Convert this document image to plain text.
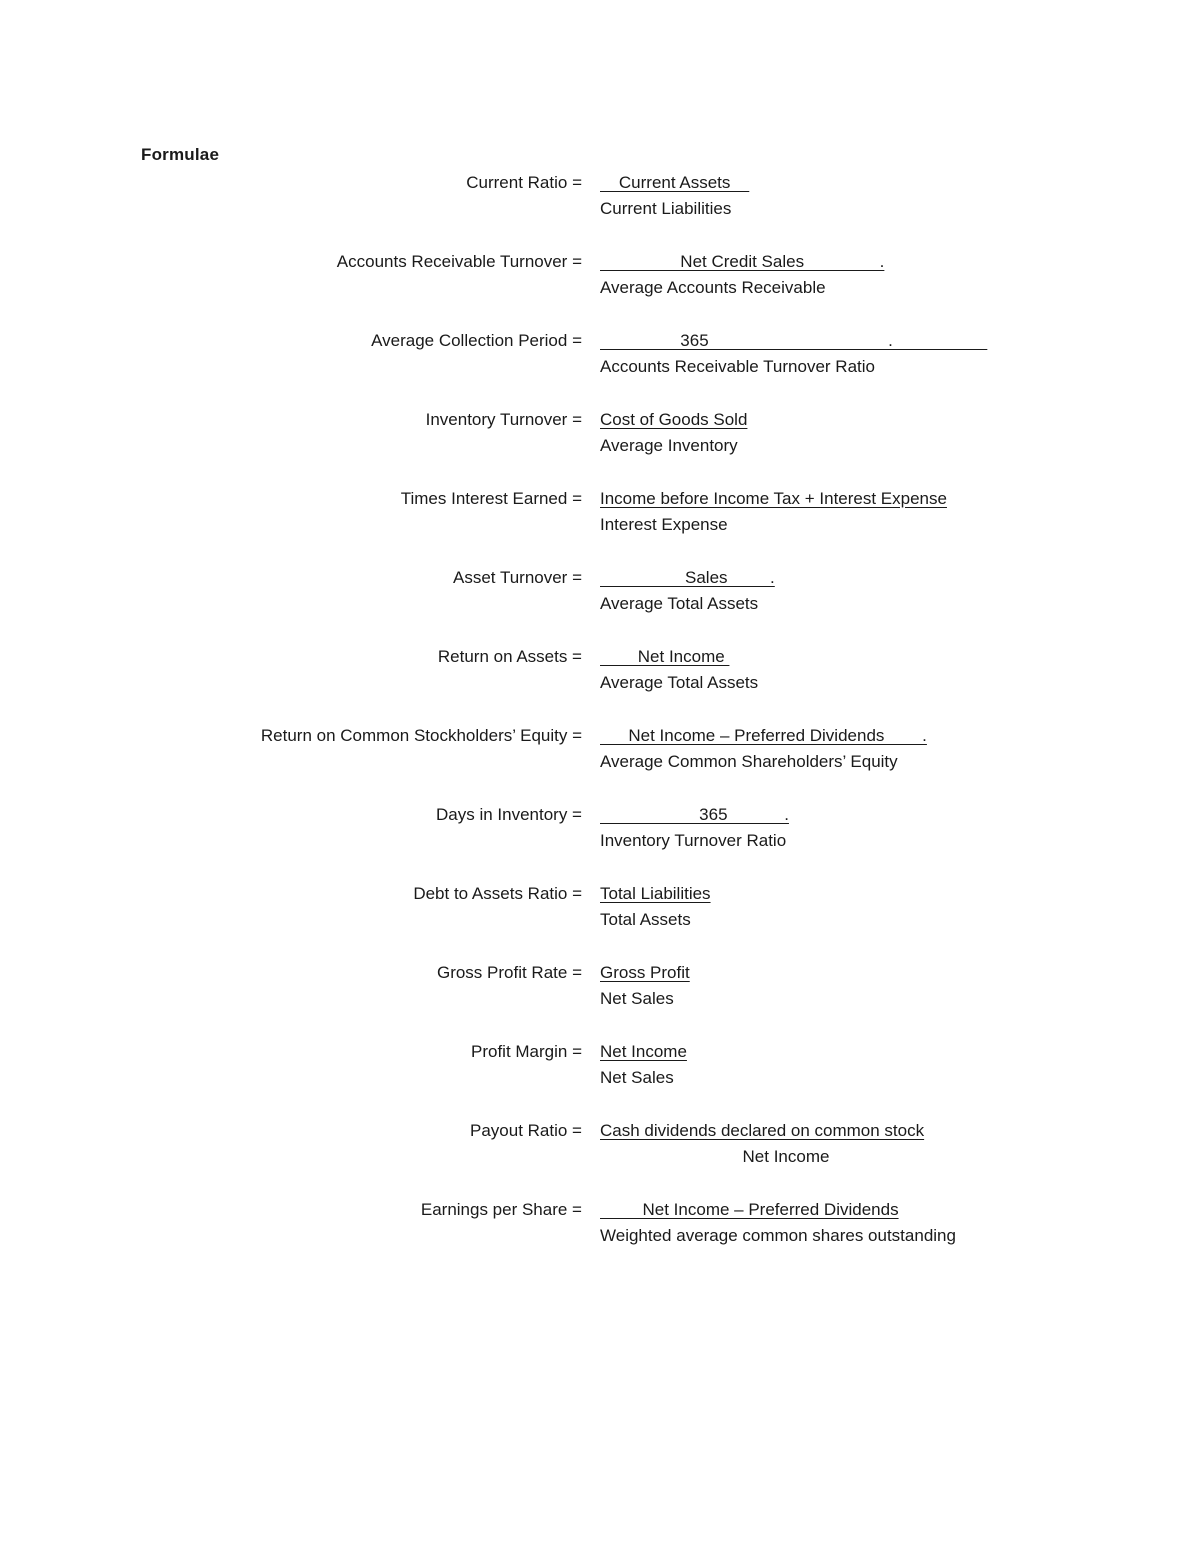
Formulae
Current Ratio = Current Assets
Current Liabilities
Accounts Receivable Turnover = Net Credit Sales                .
Average Accounts Receivable
Average Collection Period = 365                                      .
Accounts Receivable Turnover Ratio
Inventory Turnover = Cost of Goods Sold
Average Inventory
Times Interest Earned = Income before Income Tax + Interest Expense
Interest Expense
Asset Turnover = Sales         .
Average Total Assets
Return on Assets = Net Income
Average Total Assets
Return on Common Stockholders’ Equity = Net Income – Preferred Dividends        .
Average Common Shareholders’ Equity
Days in Inventory = 365            .
Inventory Turnover Ratio
Debt to Assets Ratio = Total Liabilities
Total Assets
Gross Profit Rate = Gross Profit
Net Sales
Profit Margin = Net Income
Net Sales
Payout Ratio = Cash dividends declared on common stock
Net Income
Earnings per Share = Net Income – Preferred Dividends
Weighted average common shares outstanding
